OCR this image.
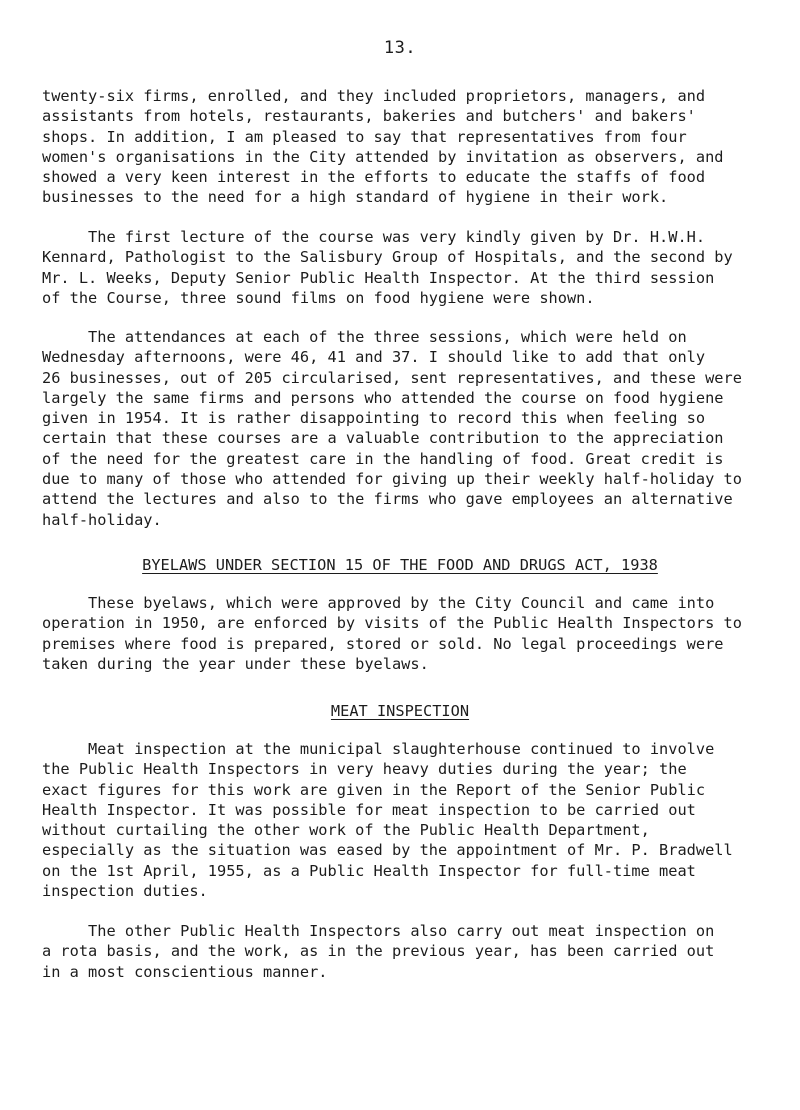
13.

twenty-six firms, enrolled, and they included proprietors, managers, and
assistants from hotels, restaurants, bakeries and butchers' and bakers'
shops. In addition, I am pleased to say that representatives from four
women's organisations in the City attended by invitation as observers, and
showed a very keen interest in the efforts to educate the staffs of food
businesses to the need for a high standard of hygiene in their work.

The first lecture of the course was very kindly given by Dr. H.W.H.
Kennard, Pathologist to the Salisbury Group of Hospitals, and the second by
Mr. L. Weeks, Deputy Senior Public Health Inspector. At the third session
of the Course, three sound films on food hygiene were shown.

The attendances at each of the three sessions, which were held on
Wednesday afternoons, were 46, 41 and 37. I should like to add that only
26 businesses, out of 205 circularised, sent representatives, and these were
largely the same firms and persons who attended the course on food hygiene
given in 1954. It is rather disappointing to record this when feeling so
certain that these courses are a valuable contribution to the appreciation
of the need for the greatest care in the handling of food. Great credit is
due to many of those who attended for giving up their weekly half-holiday to
attend the lectures and also to the firms who gave employees an alternative
half-holiday.

BYELAWS UNDER SECTION 15 OF THE FOOD AND DRUGS ACT, 1938

These byelaws, which were approved by the City Council and came into
operation in 1950, are enforced by visits of the Public Health Inspectors to
premises where food is prepared, stored or sold. No legal proceedings were
taken during the year under these byelaws.

MEAT INSPECTION

Meat inspection at the municipal slaughterhouse continued to involve
the Public Health Inspectors in very heavy duties during the year; the
exact figures for this work are given in the Report of the Senior Public
Health Inspector. It was possible for meat inspection to be carried out
without curtailing the other work of the Public Health Department,
especially as the situation was eased by the appointment of Mr. P. Bradwell
on the 1st April, 1955, as a Public Health Inspector for full-time meat
inspection duties.

The other Public Health Inspectors also carry out meat inspection on
a rota basis, and the work, as in the previous year, has been carried out
in a most conscientious manner.
